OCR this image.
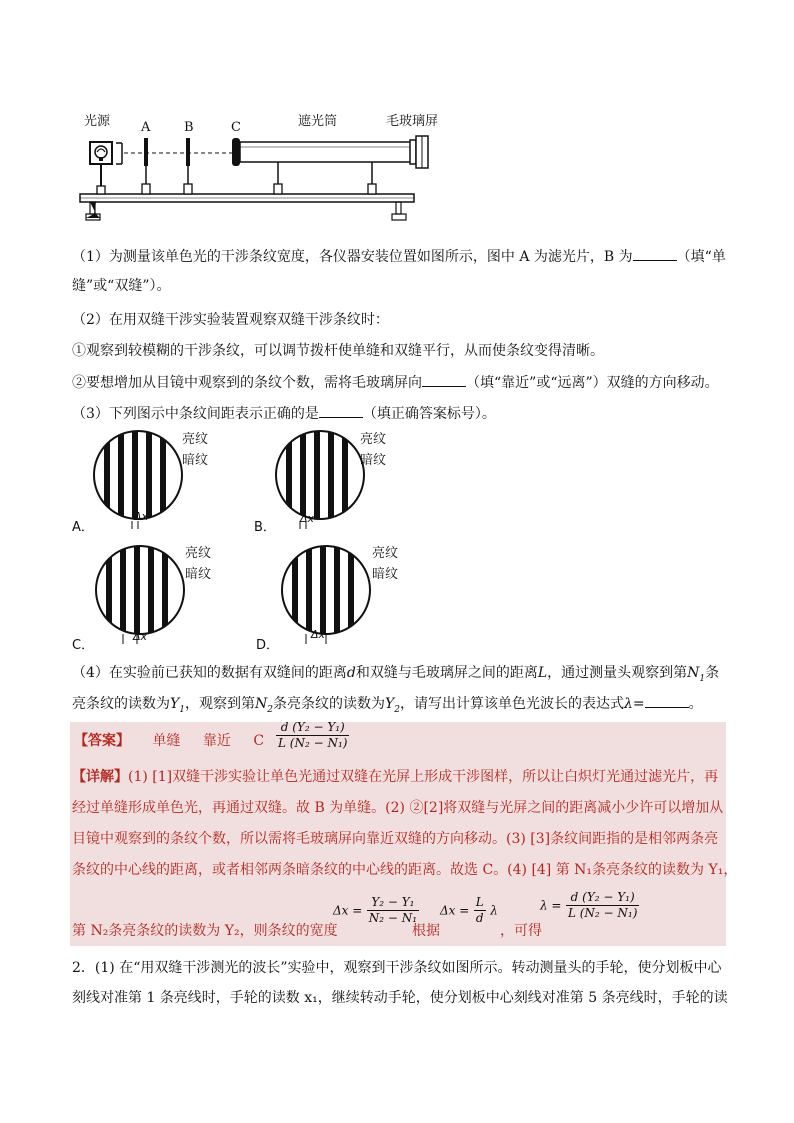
光源 A	B	C	遮光筒	毛玻璃屏
（1）为测量该单色光的干涉条纹宽度，各仪器安装位置如图所示，图中 A 为滤光片，B 为	（填“单
缝”或“双缝”）。
（2）在用双缝干涉实验装置观察双缝干涉条纹时：
①观察到较模糊的干涉条纹，可以调节拨杆使单缝和双缝平行，从而使条纹变得清晰。
②要想增加从目镜中观察到的条纹个数，需将毛玻璃屏向	（填“靠近”或“远离”）双缝的方向移动。
（3）下列图示中条纹间距表示正确的是	（填正确答案标号）。
亮纹
暗纹
Δx
A．
亮纹
暗纹
Δx
B．
亮纹
暗纹
Δx
C．
亮纹
暗纹
Δx
D．
（4）在实验前已获知的数据有双缝间的距离d和双缝与毛玻璃屏之间的距离L，通过测量头观察到第$N_1$条
亮条纹的读数为$Y_1$，观察到第$N_2$条亮条纹的读数为$Y_2$，请写出计算该单色光波长的表达式λ=	。
【答案】 单缝 靠近 C $\frac{\text{d (Y₂ − Y₁)}}{\text{L (N₂ − N₁)}}$
【详解】(1) [1]双缝干涉实验让单色光通过双缝在光屏上形成干涉图样，所以让白炽灯光通过滤光片，再
经过单缝形成单色光，再通过双缝。故 B 为单缝。(2) ②[2]将双缝与光屏之间的距离减小少许可以增加从
目镜中观察到的条纹个数，所以需将毛玻璃屏向靠近双缝的方向移动。(3) [3]条纹间距指的是相邻两条亮
条纹的中心线的距离，或者相邻两条暗条纹的中心线的距离。故选 C。(4) [4] 第 N₁条亮条纹的读数为 Y₁，
第 N₂条亮条纹的读数为 Y₂，则条纹的宽度
$\Delta x = \frac{\text{Y₂ − Y₁}}{\text{N₂ − N₁}}$
根据
$\Delta x = \frac{L}{d}$ λ
，可得
$\lambda = \frac{\text{d (Y₂ − Y₁)}}{\text{L (N₂ − N₁)}}$
2．(1) 在“用双缝干涉测光的波长”实验中，观察到干涉条纹如图所示。转动测量头的手轮，使分划板中心
刻线对准第 1 条亮线时，手轮的读数 x₁，继续转动手轮，使分划板中心刻线对准第 5 条亮线时，手轮的读
